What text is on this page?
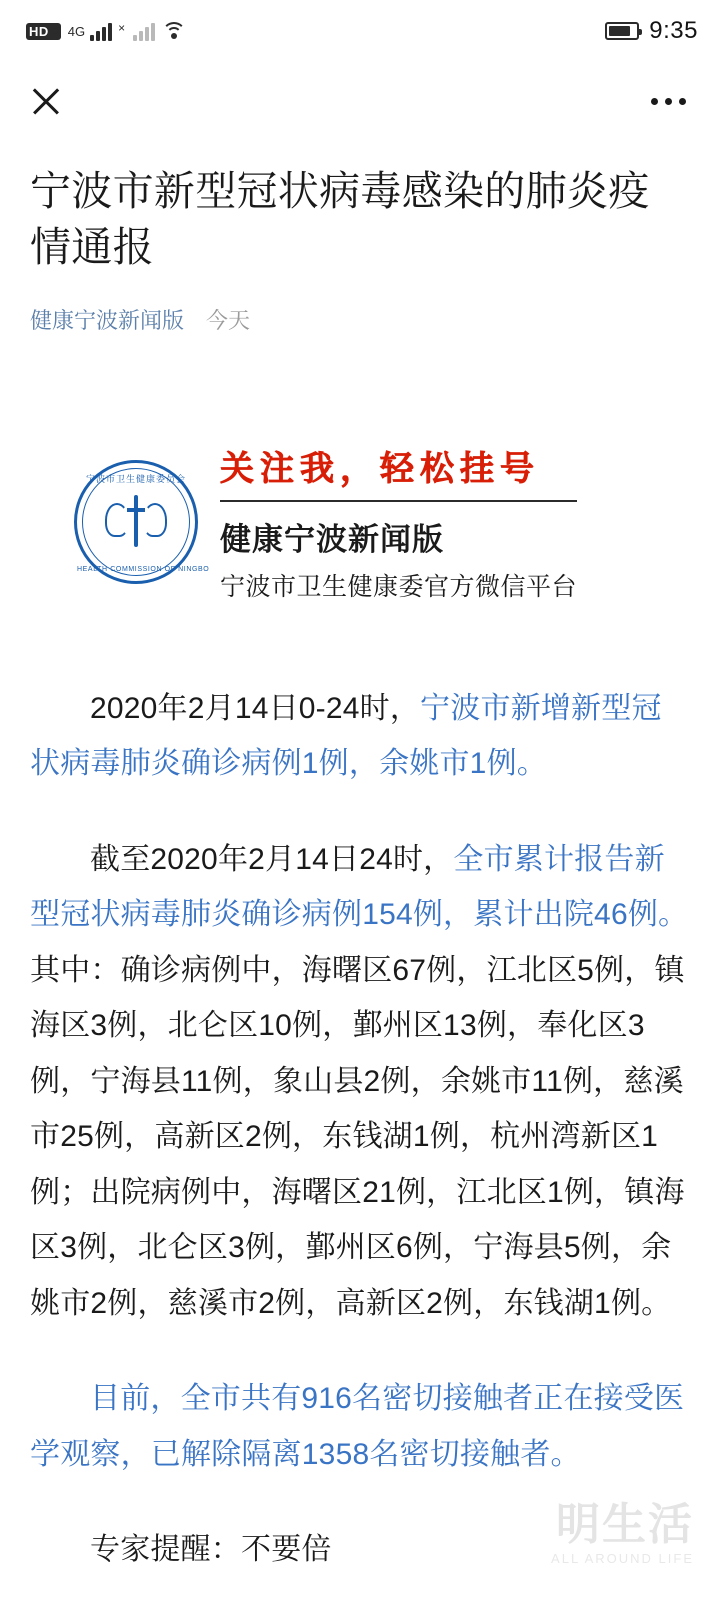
HD 4G	×	9:35
宁波市新型冠状病毒感染的肺炎疫情通报
健康宁波新闻版 今天
宁波市卫生健康委员会
HEALTH COMMISSION OF NINGBO
关注我，轻松挂号
健康宁波新闻版
宁波市卫生健康委官方微信平台

2020年2月14日0-24时，宁波市新增新型冠状病毒肺炎确诊病例1例，余姚市1例。

截至2020年2月14日24时，全市累计报告新型冠状病毒肺炎确诊病例154例，累计出院46例。其中：确诊病例中，海曙区67例，江北区5例，镇海区3例，北仑区10例，鄞州区13例，奉化区3例，宁海县11例，象山县2例，余姚市11例，慈溪市25例，高新区2例，东钱湖1例，杭州湾新区1例；出院病例中，海曙区21例，江北区1例，镇海区3例，北仑区3例，鄞州区6例，宁海县5例，余姚市2例，慈溪市2例，高新区2例，东钱湖1例。

目前，全市共有916名密切接触者正在接受医学观察，已解除隔离1358名密切接触者。

专家提醒：不要倍

明生活
ALL AROUND LIFE
